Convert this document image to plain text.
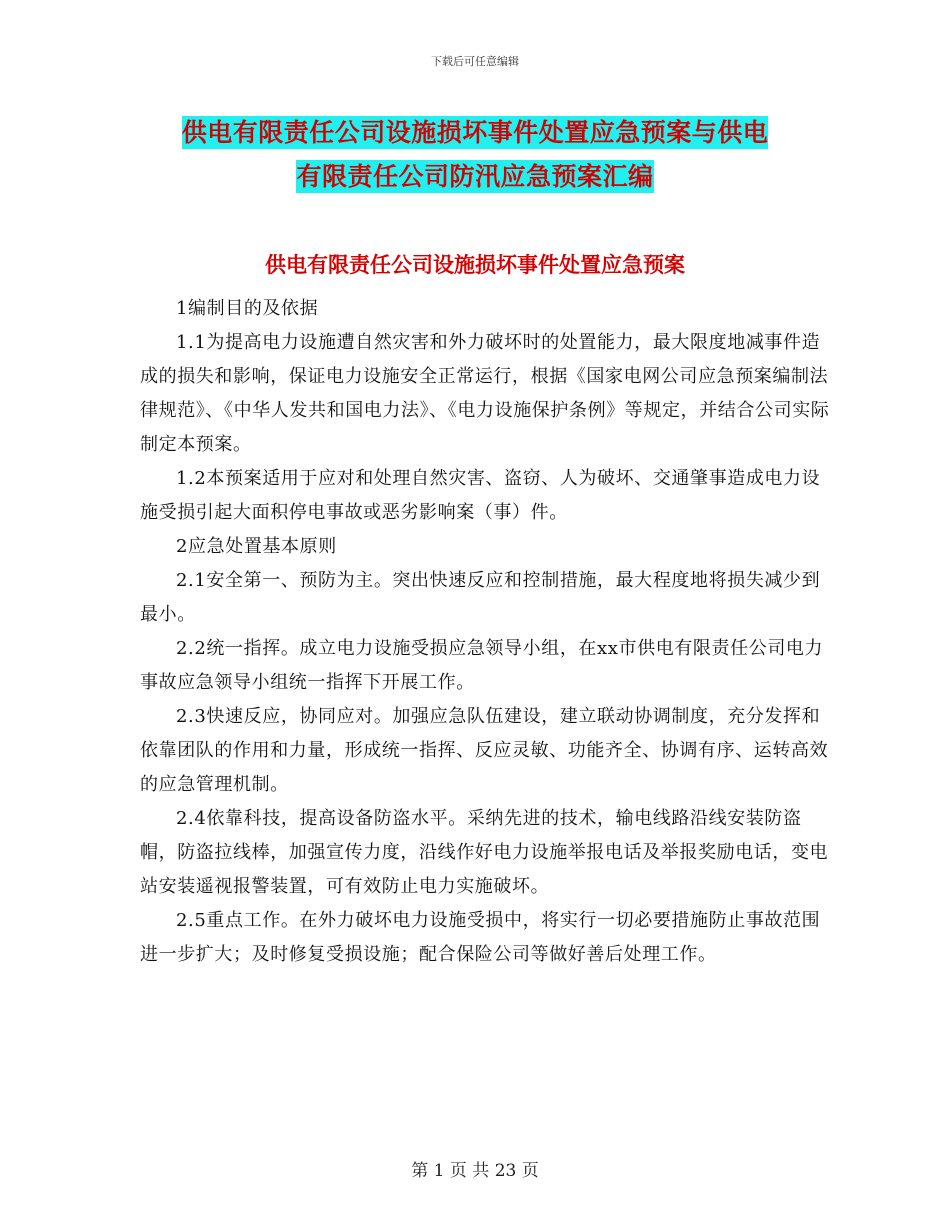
下载后可任意编辑
供电有限责任公司设施损坏事件处置应急预案与供电
有限责任公司防汛应急预案汇编
供电有限责任公司设施损坏事件处置应急预案

1编制目的及依据

1.1为提高电力设施遭自然灾害和外力破坏时的处置能力，最大限度地减事件造成的损失和影响，保证电力设施安全正常运行，根据《国家电网公司应急预案编制法律规范》、《中华人发共和国电力法》、《电力设施保护条例》等规定，并结合公司实际制定本预案。

1.2本预案适用于应对和处理自然灾害、盗窃、人为破坏、交通肇事造成电力设施受损引起大面积停电事故或恶劣影响案（事）件。

2应急处置基本原则

2.1安全第一、预防为主。突出快速反应和控制措施，最大程度地将损失减少到最小。

2.2统一指挥。成立电力设施受损应急领导小组，在xx市供电有限责任公司电力事故应急领导小组统一指挥下开展工作。

2.3快速反应，协同应对。加强应急队伍建设，建立联动协调制度，充分发挥和依靠团队的作用和力量，形成统一指挥、反应灵敏、功能齐全、协调有序、运转高效的应急管理机制。

2.4依靠科技，提高设备防盗水平。采纳先进的技术，输电线路沿线安装防盗帽，防盗拉线棒，加强宣传力度，沿线作好电力设施举报电话及举报奖励电话，变电站安装遥视报警装置，可有效防止电力实施破坏。

2.5重点工作。在外力破坏电力设施受损中，将实行一切必要措施防止事故范围进一步扩大；及时修复受损设施；配合保险公司等做好善后处理工作。

第 1 页 共 23 页
